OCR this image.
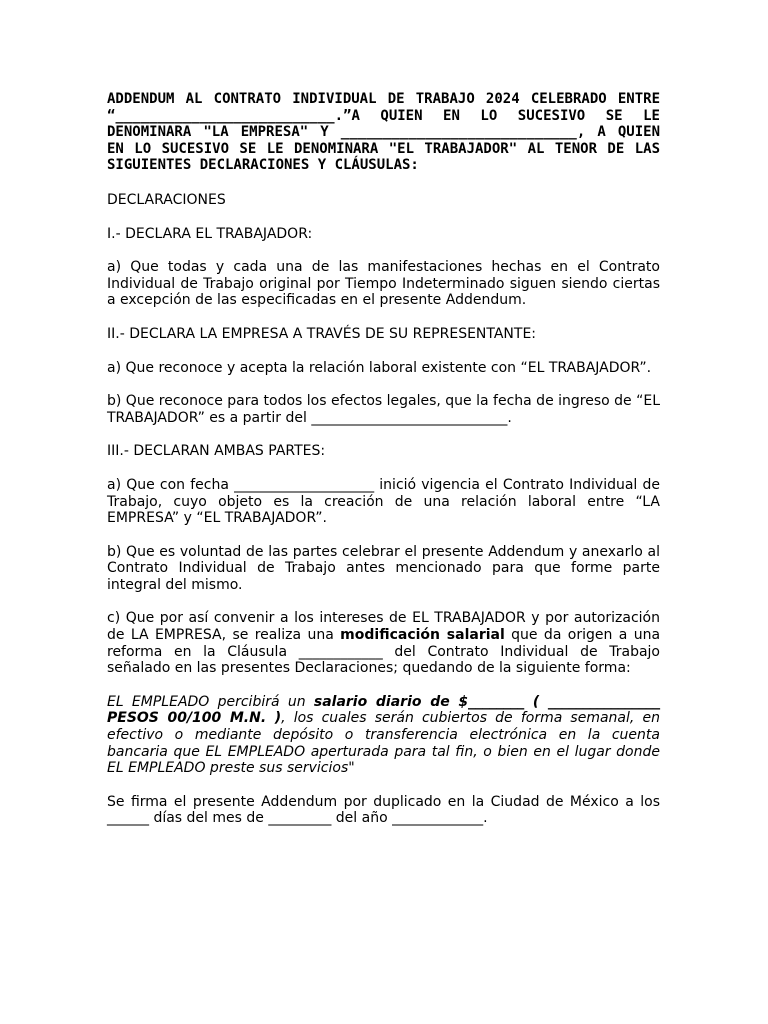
ADDENDUM AL CONTRATO INDIVIDUAL DE TRABAJO 2024 CELEBRADO ENTRE “__________________________.”A QUIEN EN LO SUCESIVO SE LE DENOMINARA "LA EMPRESA" Y ____________________________, A QUIEN EN LO SUCESIVO SE LE DENOMINARA "EL TRABAJADOR" AL TENOR DE LAS SIGUIENTES DECLARACIONES Y CLÁUSULAS:

DECLARACIONES

I.- DECLARA EL TRABAJADOR:

a) Que todas y cada una de las manifestaciones hechas en el Contrato Individual de Trabajo original por Tiempo Indeterminado siguen siendo ciertas a excepción de las especificadas en el presente Addendum.

II.- DECLARA LA EMPRESA A TRAVÉS DE SU REPRESENTANTE:

a) Que reconoce y acepta la relación laboral existente con “EL TRABAJADOR”.

b) Que reconoce para todos los efectos legales, que la fecha de ingreso de “EL TRABAJADOR” es a partir del ____________________________.

III.- DECLARAN AMBAS PARTES:

a) Que con fecha ____________________ inició vigencia el Contrato Individual de Trabajo, cuyo objeto es la creación de una relación laboral entre “LA EMPRESA” y “EL TRABAJADOR”.

b) Que es voluntad de las partes celebrar el presente Addendum y anexarlo al Contrato Individual de Trabajo antes mencionado para que forme parte integral del mismo.

c) Que por así convenir a los intereses de EL TRABAJADOR y por autorización de LA EMPRESA, se realiza una modificación salarial que da origen a una reforma en la Cláusula ____________ del Contrato Individual de Trabajo señalado en las presentes Declaraciones; quedando de la siguiente forma:

EL EMPLEADO percibirá un salario diario de $________ ( ________________ PESOS 00/100 M.N. ), los cuales serán cubiertos de forma semanal, en efectivo o mediante depósito o transferencia electrónica en la cuenta bancaria que EL EMPLEADO aperturada para tal fin, o bien en el lugar donde EL EMPLEADO preste sus servicios"

Se firma el presente Addendum por duplicado en la Ciudad de México a los ______ días del mes de _________ del año _____________.
